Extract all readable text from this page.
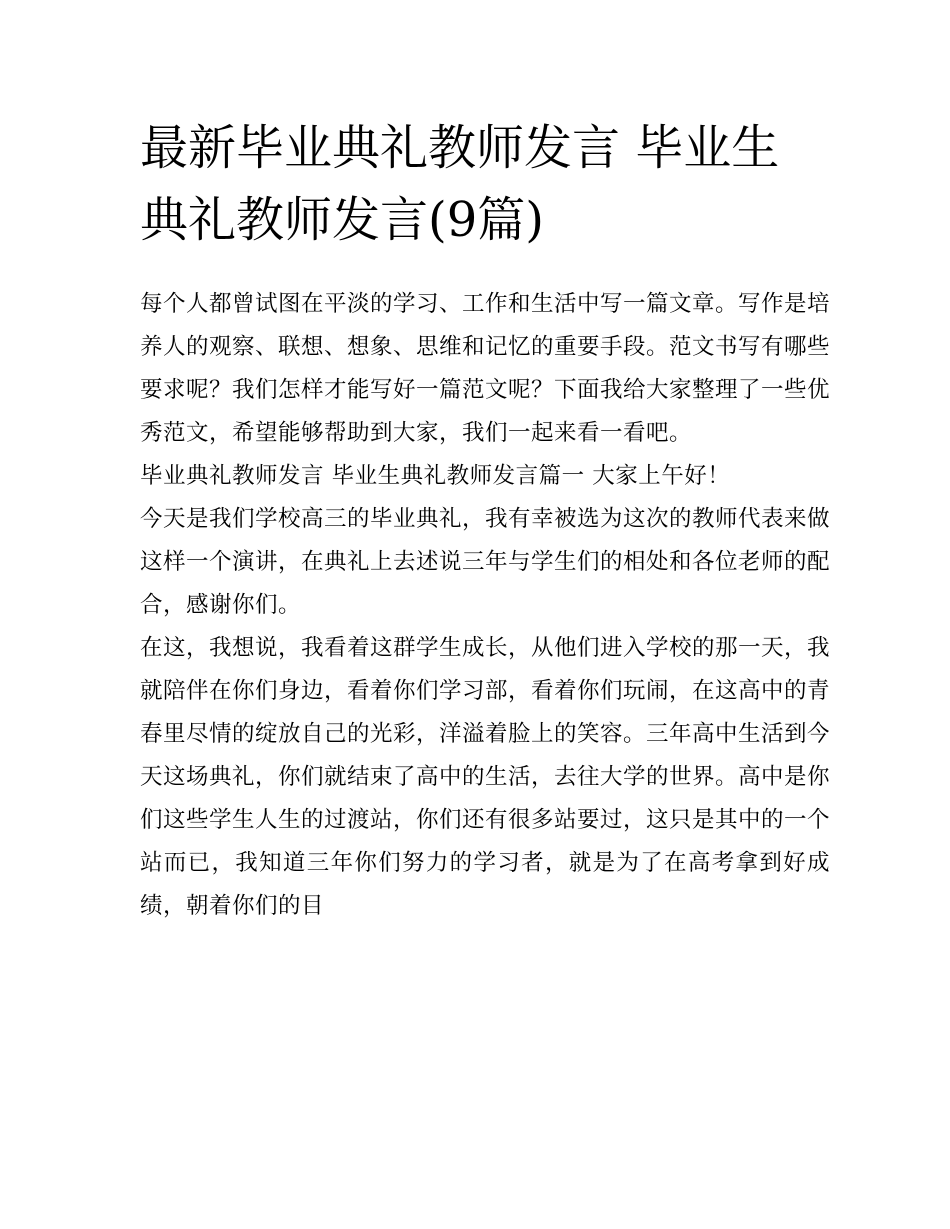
最新毕业典礼教师发言 毕业生
典礼教师发言(9篇)

每个人都曾试图在平淡的学习、工作和生活中写一篇文章。写作是培养人的观察、联想、想象、思维和记忆的重要手段。范文书写有哪些要求呢？我们怎样才能写好一篇范文呢？下面我给大家整理了一些优秀范文，希望能够帮助到大家，我们一起来看一看吧。

毕业典礼教师发言 毕业生典礼教师发言篇一 大家上午好！

今天是我们学校高三的毕业典礼，我有幸被选为这次的教师代表来做这样一个演讲，在典礼上去述说三年与学生们的相处和各位老师的配合，感谢你们。

在这，我想说，我看着这群学生成长，从他们进入学校的那一天，我就陪伴在你们身边，看着你们学习部，看着你们玩闹，在这高中的青春里尽情的绽放自己的光彩，洋溢着脸上的笑容。三年高中生活到今天这场典礼，你们就结束了高中的生活，去往大学的世界。高中是你们这些学生人生的过渡站，你们还有很多站要过，这只是其中的一个站而已，我知道三年你们努力的学习者，就是为了在高考拿到好成绩，朝着你们的目
